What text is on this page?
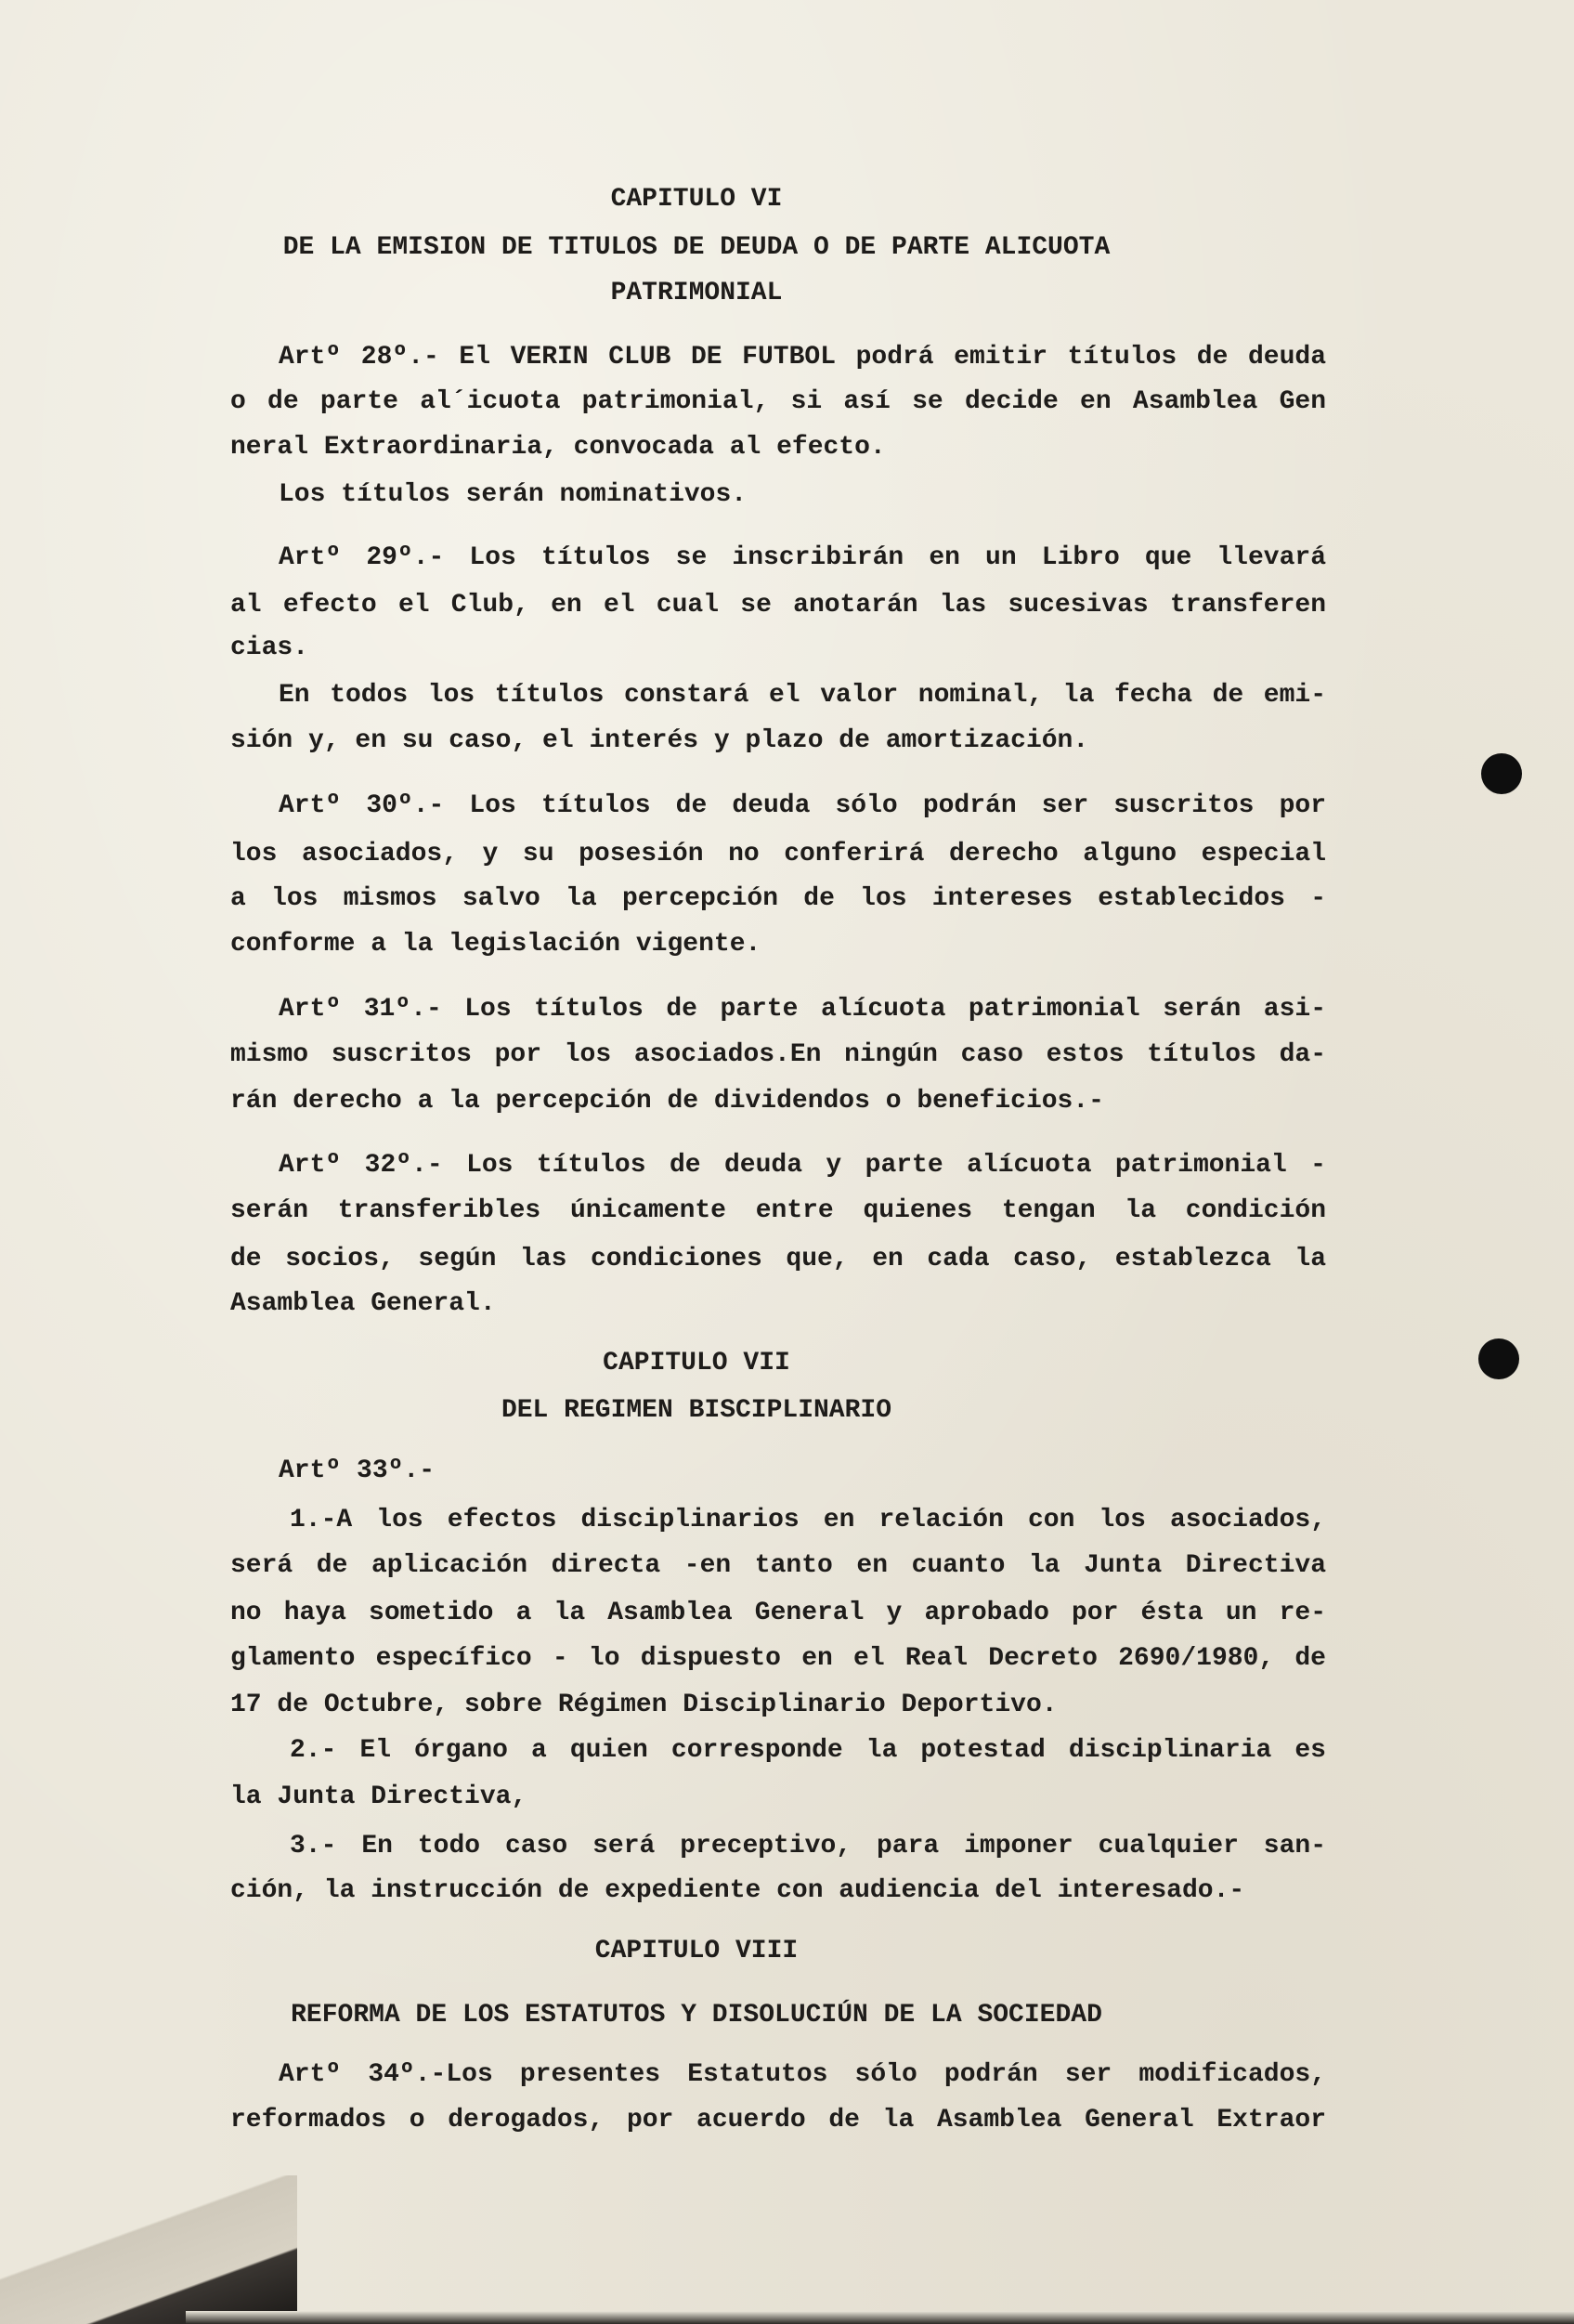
CAPITULO VI
DE LA EMISION DE TITULOS DE DEUDA O DE PARTE ALICUOTA
PATRIMONIAL
Artº 28º.- El VERIN CLUB DE FUTBOL podrá emitir títulos de deuda
o de parte al´icuota patrimonial, si así se decide en Asamblea Gen
neral Extraordinaria, convocada al efecto.
Los títulos serán nominativos.
Artº 29º.- Los títulos se inscribirán en un Libro que llevará
al efecto el Club, en el cual se anotarán las sucesivas transferen
cias.
En todos los títulos constará el valor nominal, la fecha de emi-
sión y, en su caso, el interés y plazo de amortización.
Artº 30º.- Los títulos de deuda sólo podrán ser suscritos por
los asociados, y su posesión no conferirá derecho alguno especial
a los mismos salvo la percepción de los intereses establecidos -
conforme a la legislación vigente.
Artº 31º.- Los títulos de parte alícuota patrimonial serán asi-
mismo suscritos por los asociados.En ningún caso estos títulos da-
rán derecho a la percepción de dividendos o beneficios.-
Artº 32º.- Los títulos de deuda y parte alícuota patrimonial -
serán transferibles únicamente entre quienes tengan la condición
de socios, según las condiciones que, en cada caso, establezca la
Asamblea General.
CAPITULO VII
DEL REGIMEN BISCIPLINARIO
Artº 33º.-
1.-A los efectos disciplinarios en relación con los asociados,
será de aplicación directa -en tanto en cuanto la Junta Directiva
no haya sometido a la Asamblea General y aprobado por ésta un re-
glamento específico - lo dispuesto en el Real Decreto 2690/1980, de
17 de Octubre, sobre Régimen Disciplinario Deportivo.
2.- El órgano a quien corresponde la potestad disciplinaria es
la Junta Directiva,
3.- En todo caso será preceptivo, para imponer cualquier san-
ción, la instrucción de expediente con audiencia del interesado.-
CAPITULO VIII
REFORMA DE LOS ESTATUTOS Y DISOLUCIÚN DE LA SOCIEDAD
Artº 34º.-Los presentes Estatutos sólo podrán ser modificados,
reformados o derogados, por acuerdo de la Asamblea General Extraor
